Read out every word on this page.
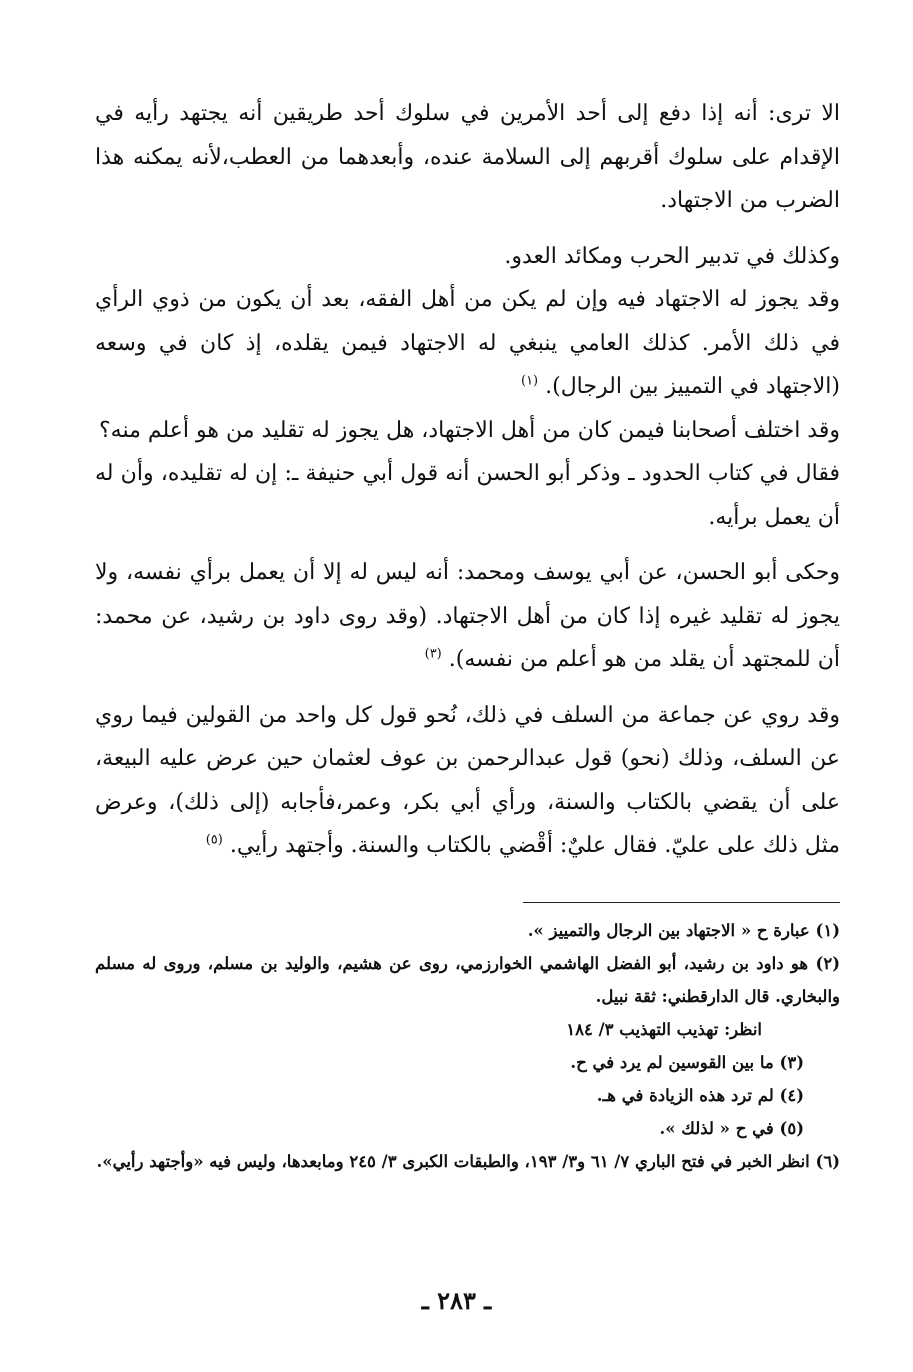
الا ترى: أنه إذا دفع إلى أحد الأمرين في سلوك أحد طريقين أنه يجتهد رأيه في الإقدام على سلوك أقربهم إلى السلامة عنده، وأبعدهما من العطب،لأنه يمكنه هذا الضرب من الاجتهاد.

وكذلك في تدبير الحرب ومكائد العدو.

وقد يجوز له الاجتهاد فيه وإن لم يكن من أهل الفقه، بعد أن يكون من ذوي الرأي في ذلك الأمر. كذلك العامي ينبغي له الاجتهاد فيمن يقلده، إذ كان في وسعه (الاجتهاد في التمييز بين الرجال). $^{(١)}$

وقد اختلف أصحابنا فيمن كان من أهل الاجتهاد، هل يجوز له تقليد من هو أعلم منه؟

فقال في كتاب الحدود ـ وذكر أبو الحسن أنه قول أبي حنيفة ـ: إن له تقليده، وأن له أن يعمل برأيه.

وحكى أبو الحسن، عن أبي يوسف ومحمد: أنه ليس له إلا أن يعمل برأي نفسه، ولا يجوز له تقليد غيره إذا كان من أهل الاجتهاد. (وقد روى داود بن رشيد، عن محمد: أن للمجتهد أن يقلد من هو أعلم من نفسه). $^{(٣)}$

وقد روي عن جماعة من السلف في ذلك، نُحو قول كل واحد من القولين فيما روي عن السلف، وذلك (نحو) قول عبدالرحمن بن عوف لعثمان حين عرض عليه البيعة، على أن يقضي بالكتاب والسنة، ورأي أبي بكر، وعمر،فأجابه (إلى ذلك)، وعرض مثل ذلك على عليّ. فقال عليٌ: أقْضي بالكتاب والسنة. وأجتهد رأيي. $^{(٥)}$

(١) عبارة ح « الاجتهاد بين الرجال والتمييز ».

(٢) هو داود بن رشيد، أبو الفضل الهاشمي الخوارزمي، روى عن هشيم، والوليد بن مسلم، وروى له مسلم والبخاري. قال الدارقطني: ثقة نبيل.

انظر: تهذيب التهذيب ٣/ ١٨٤

(٣) ما بين القوسين لم يرد في ح.

(٤) لم ترد هذه الزيادة في هـ.

(٥) في ح « لذلك ».

(٦) انظر الخبر في فتح الباري ٧/ ٦١ و٣/ ١٩٣، والطبقات الكبرى ٣/ ٢٤٥ ومابعدها، وليس فيه «وأجتهد رأيي».

ـ ٢٨٣ ـ
